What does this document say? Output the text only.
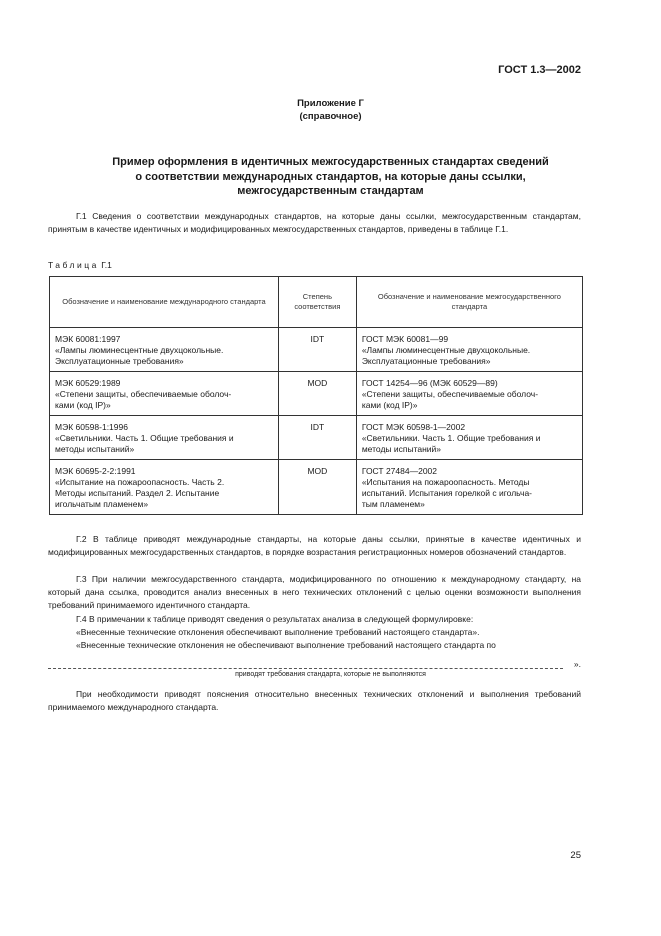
ГОСТ 1.3—2002
Приложение Г
(справочное)
Пример оформления в идентичных межгосударственных стандартах сведений
о соответствии международных стандартов, на которые даны ссылки,
межгосударственным стандартам

Г.1 Сведения о соответствии международных стандартов, на которые даны ссылки, межгосударственным стандартам, принятым в качестве идентичных и модифицированных межгосударственных стандартов, приведены в таблице Г.1.

Таблица Г.1
Обозначение и наименование международного стандарта	Степень соответствия	Обозначение и наименование межгосударственного стандарта

МЭК 60081:1997
«Лампы люминесцентные двухцокольные.
Эксплуатационные требования»	IDT	ГОСТ МЭК 60081—99
«Лампы люминесцентные двухцокольные.
Эксплуатационные требования»

МЭК 60529:1989
«Степени защиты, обеспечиваемые оболоч-
ками (код IP)»	MOD	ГОСТ 14254—96 (МЭК 60529—89)
«Степени защиты, обеспечиваемые оболоч-
ками (код IP)»

МЭК 60598-1:1996
«Светильники. Часть 1. Общие требования и
методы испытаний»	IDT	ГОСТ МЭК 60598-1—2002
«Светильники. Часть 1. Общие требования и
методы испытаний»

МЭК 60695-2-2:1991
«Испытание на пожароопасность. Часть 2.
Методы испытаний. Раздел 2. Испытание
игольчатым пламенем»	MOD	ГОСТ 27484—2002
«Испытания на пожароопасность. Методы
испытаний. Испытания горелкой с игольча-
тым пламенем»

Г.2 В таблице приводят международные стандарты, на которые даны ссылки, принятые в качестве идентичных и модифицированных межгосударственных стандартов, в порядке возрастания регистрационных номеров обозначений стандартов.

Г.3 При наличии межгосударственного стандарта, модифицированного по отношению к международному стандарту, на который дана ссылка, проводится анализ внесенных в него технических отклонений с целью оценки возможности выполнения требований принимаемого идентичного стандарта.

Г.4 В примечании к таблице приводят сведения о результатах анализа в следующей формулировке:

«Внесенные технические отклонения обеспечивают выполнение требований настоящего стандарта».

«Внесенные технические отклонения не обеспечивают выполнение требований настоящего стандарта по

».
приводят требования стандарта, которые не выполняются

При необходимости приводят пояснения относительно внесенных технических отклонений и выполнения требований принимаемого международного стандарта.

25
